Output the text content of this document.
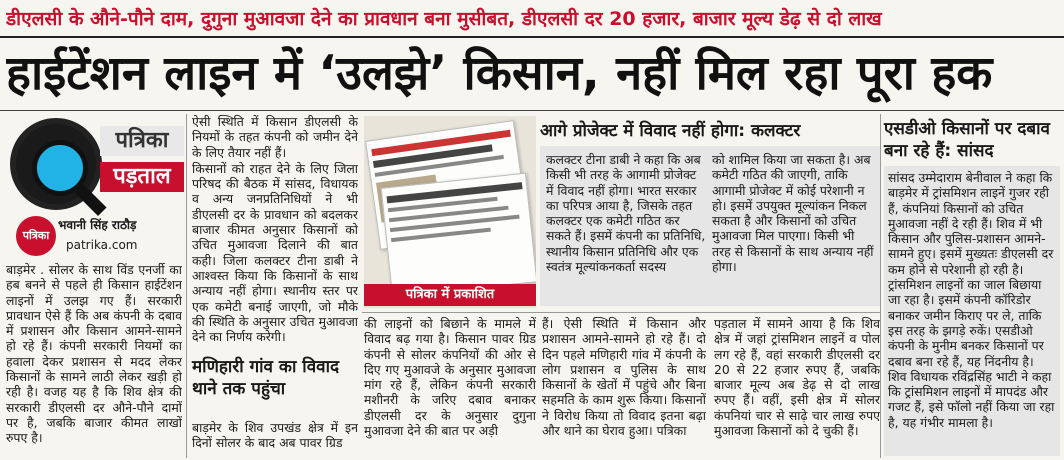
डीएलसी के औने-पौने दाम, दुगुना मुआवजा देने का प्रावधान बना मुसीबत, डीएलसी दर 20 हजार, बाजार मूल्य डेढ़ से दो लाख
हाईटेंशन लाइन में ‘उलझे’ किसान, नहीं मिल रहा पूरा हक
पत्रिका
पड़ताल
पत्रिका
भवानी सिंह राठौड़
patrika.com

बाड़मेर . सोलर के साथ विंड एनर्जी का हब बनने से पहले ही किसान हाईटेंशन लाइनों में उलझ गए हैं। सरकारी प्रावधान ऐसे हैं कि अब कंपनी के दबाव में प्रशासन और किसान आमने-सामने हो रहे हैं। कंपनी सरकारी नियमों का हवाला देकर प्रशासन से मदद लेकर किसानों के सामने लाठी लेकर खड़ी हो रही है। वजह यह है कि शिव क्षेत्र की सरकारी डीएलसी दर औने-पौने दामों पर है, जबकि बाजार कीमत लाखों रुपए है।

ऐसी स्थिति में किसान डीएलसी के नियमों के तहत कंपनी को जमीन देने के लिए तैयार नहीं हैं।

किसानों को राहत देने के लिए जिला परिषद की बैठक में सांसद, विधायक व अन्य जनप्रतिनिधियों ने भी डीएलसी दर के प्रावधान को बदलकर बाजार कीमत अनुसार किसानों को उचित मुआवजा दिलाने की बात कही। जिला कलक्टर टीना डाबी ने आश्वस्त किया कि किसानों के साथ अन्याय नहीं होगा। स्थानीय स्तर पर एक कमेटी बनाई जाएगी, जो मौके की स्थिति के अनुसार उचित मुआवजा देने का निर्णय करेगी।

मणिहारी गांव का विवाद थाने तक पहुंचा

बाड़मेर के शिव उपखंड क्षेत्र में इन दिनों सोलर के बाद अब पावर ग्रिड

पत्रिका में प्रकाशित
आगे प्रोजेक्ट में विवाद नहीं होगा: कलक्टर
कलक्टर टीना डाबी ने कहा कि अब किसी भी तरह के आगामी प्रोजेक्ट में विवाद नहीं होगा। भारत सरकार का परिपत्र आया है, जिसके तहत कलक्टर एक कमेटी गठित कर सकते हैं। इसमें कंपनी का प्रतिनिधि, स्थानीय किसान प्रतिनिधि और एक स्वतंत्र मूल्यांकनकर्ता सदस्य
को शामिल किया जा सकता है। अब कमेटी गठित की जाएगी, ताकि आगामी प्रोजेक्ट में कोई परेशानी न हो। इसमें उपयुक्त मूल्यांकन निकल सकता है और किसानों को उचित मुआवजा मिल पाएगा। किसी भी तरह से किसानों के साथ अन्याय नहीं होगा।

की लाइनों को बिछाने के मामले में विवाद बढ़ गया है। किसान पावर ग्रिड कंपनी से सोलर कंपनियों की ओर से दिए गए मुआवजे के अनुसार मुआवजा मांग रहे हैं, लेकिन कंपनी सरकारी मशीनरी के जरिए दबाव बनाकर डीएलसी दर के अनुसार दुगुना मुआवजा देने की बात पर अड़ी

हैं। ऐसी स्थिति में किसान और प्रशासन आमने-सामने हो रहे हैं। दो दिन पहले मणिहारी गांव में कंपनी के लोग प्रशासन व पुलिस के साथ किसानों के खेतों में पहुंचे और बिना सहमति के काम शुरू किया। किसानों ने विरोध किया तो विवाद इतना बढ़ा और थाने का घेराव हुआ। पत्रिका

पड़ताल में सामने आया है कि शिव क्षेत्र में जहां ट्रांसमिशन लाइनें व पोल लग रहे हैं, वहां सरकारी डीएलसी दर 20 से 22 हजार रुपए हैं, जबकि बाजार मूल्य अब डेढ़ से दो लाख रुपए हैं। वहीं, इसी क्षेत्र में सोलर कंपनियां चार से साढ़े चार लाख रुपए मुआवजा किसानों को दे चुकी हैं।

एसडीओ किसानों पर दबाव बना रहे हैं: सांसद
सांसद उम्मेदाराम बेनीवाल ने कहा कि बाड़मेर में ट्रांसमिशन लाइनें गुजर रही हैं, कंपनियां किसानों को उचित मुआवजा नहीं दे रही हैं। शिव में भी किसान और पुलिस-प्रशासन आमने-सामने हुए। इसमें मुख्यतः डीएलसी दर कम होने से परेशानी हो रही है। ट्रांसमिशन लाइनों का जाल बिछाया जा रहा है। इसमें कंपनी कॉरिडोर बनाकर जमीन किराए पर ले, ताकि इस तरह के झगड़े रुकें। एसडीओ कंपनी के मुनीम बनकर किसानों पर दबाव बना रहे हैं, यह निंदनीय है। शिव विधायक रविंद्रसिंह भाटी ने कहा कि ट्रांसमिशन लाइनों में मापदंड और गजट हैं, इसे फॉलो नहीं किया जा रहा है, यह गंभीर मामला है।
